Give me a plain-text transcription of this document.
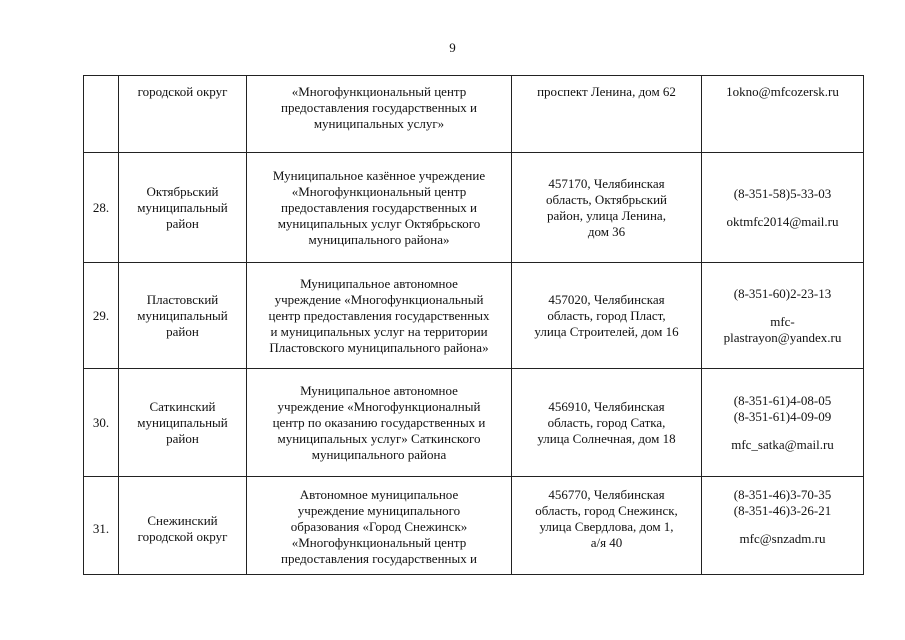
9

	городской округ	«Многофункциональный центр
предоставления государственных и
муниципальных услуг»	проспект Ленина, дом 62	1okno@mfcozersk.ru

28.	Октябрьский
муниципальный
район	Муниципальное казённое учреждение
«Многофункциональный центр
предоставления государственных и
муниципальных услуг Октябрьского
муниципального района»	457170, Челябинская
область, Октябрьский
район, улица Ленина,
дом 36	(8-351-58)5-33-03
oktmfc2014@mail.ru

29.	Пластовский
муниципальный
район	Муниципальное автономное
учреждение «Многофункциональный
центр предоставления государственных
и муниципальных услуг на территории
Пластовского муниципального района»	457020, Челябинская
область, город Пласт,
улица Строителей, дом 16	(8-351-60)2-23-13
mfc-
plastrayon@yandex.ru

30.	Саткинский
муниципальный
район	Муниципальное автономное
учреждение «Многофункционалный
центр по оказанию государственных и
муниципальных услуг» Саткинского
муниципального района	456910, Челябинская
область, город Сатка,
улица Солнечная, дом 18	(8-351-61)4-08-05
(8-351-61)4-09-09
mfc_satka@mail.ru

31.	Снежинский
городской округ	Автономное муниципальное
учреждение муниципального
образования «Город Снежинск»
«Многофункциональный центр
предоставления государственных и	456770, Челябинская
область, город Снежинск,
улица Свердлова, дом 1,
а/я 40	(8-351-46)3-70-35
(8-351-46)3-26-21
mfc@snzadm.ru
